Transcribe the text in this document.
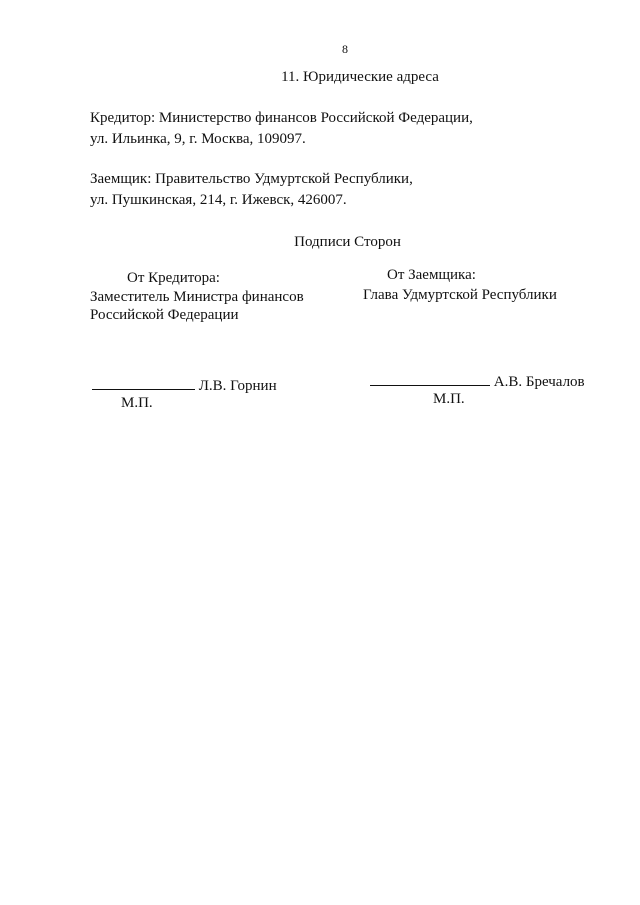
8
11. Юридические адреса
Кредитор: Министерство финансов Российской Федерации,
ул. Ильинка, 9, г. Москва, 109097.
Заемщик: Правительство Удмуртской Республики,
ул. Пушкинская, 214, г. Ижевск, 426007.
Подписи Сторон
От Кредитора:
Заместитель Министра финансов
Российской Федерации
Л.В. Горнин
М.П.
От Заемщика:
Глава Удмуртской Республики
А.В. Бречалов
М.П.
